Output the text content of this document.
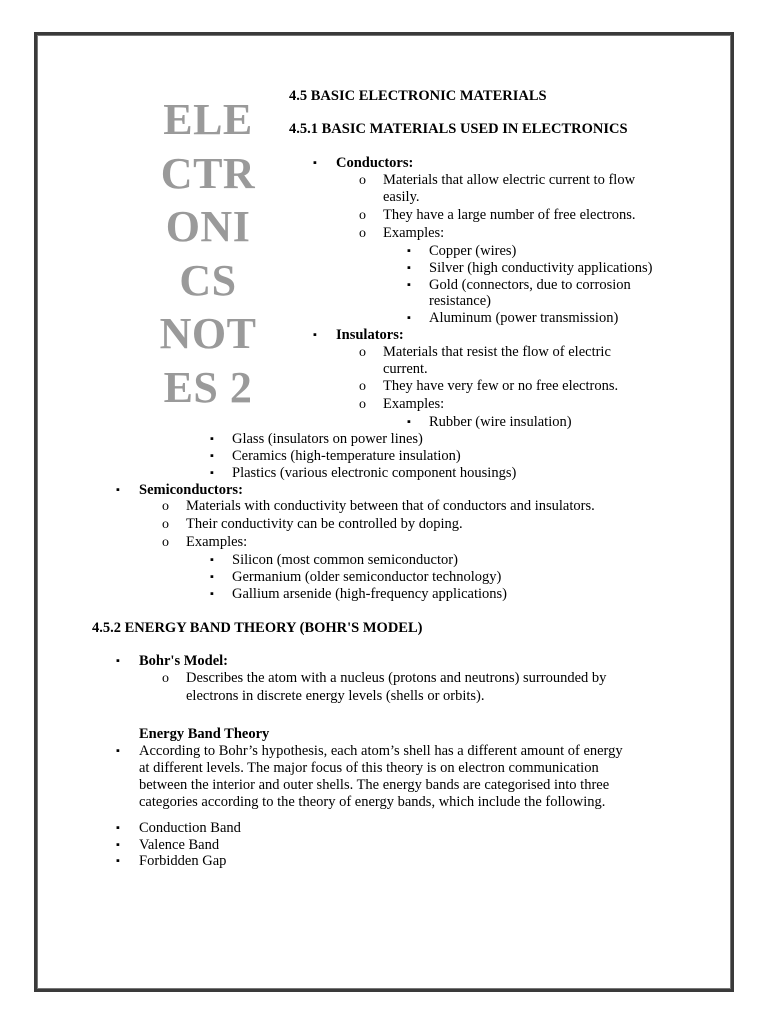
ELE
CTR
ONI
CS
NOT
ES 2
4.5 BASIC ELECTRONIC MATERIALS
4.5.1 BASIC MATERIALS USED IN ELECTRONICS
▪ Conductors:
o Materials that allow electric current to flow
easily.
o They have a large number of free electrons.
o Examples:
▪ Copper (wires)
▪ Silver (high conductivity applications)
▪ Gold (connectors, due to corrosion
resistance)
▪ Aluminum (power transmission)
▪ Insulators:
o Materials that resist the flow of electric
current.
o They have very few or no free electrons.
o Examples:
▪ Rubber (wire insulation)
▪ Glass (insulators on power lines)
▪ Ceramics (high-temperature insulation)
▪ Plastics (various electronic component housings)
▪ Semiconductors:
o Materials with conductivity between that of conductors and insulators.
o Their conductivity can be controlled by doping.
o Examples:
▪ Silicon (most common semiconductor)
▪ Germanium (older semiconductor technology)
▪ Gallium arsenide (high-frequency applications)
4.5.2 ENERGY BAND THEORY (BOHR'S MODEL)
▪ Bohr's Model:
o Describes the atom with a nucleus (protons and neutrons) surrounded by
electrons in discrete energy levels (shells or orbits).
Energy Band Theory
▪ According to Bohr’s hypothesis, each atom’s shell has a different amount of energy
at different levels. The major focus of this theory is on electron communication
between the interior and outer shells. The energy bands are categorised into three
categories according to the theory of energy bands, which include the following.
▪ Conduction Band
▪ Valence Band
▪ Forbidden Gap
